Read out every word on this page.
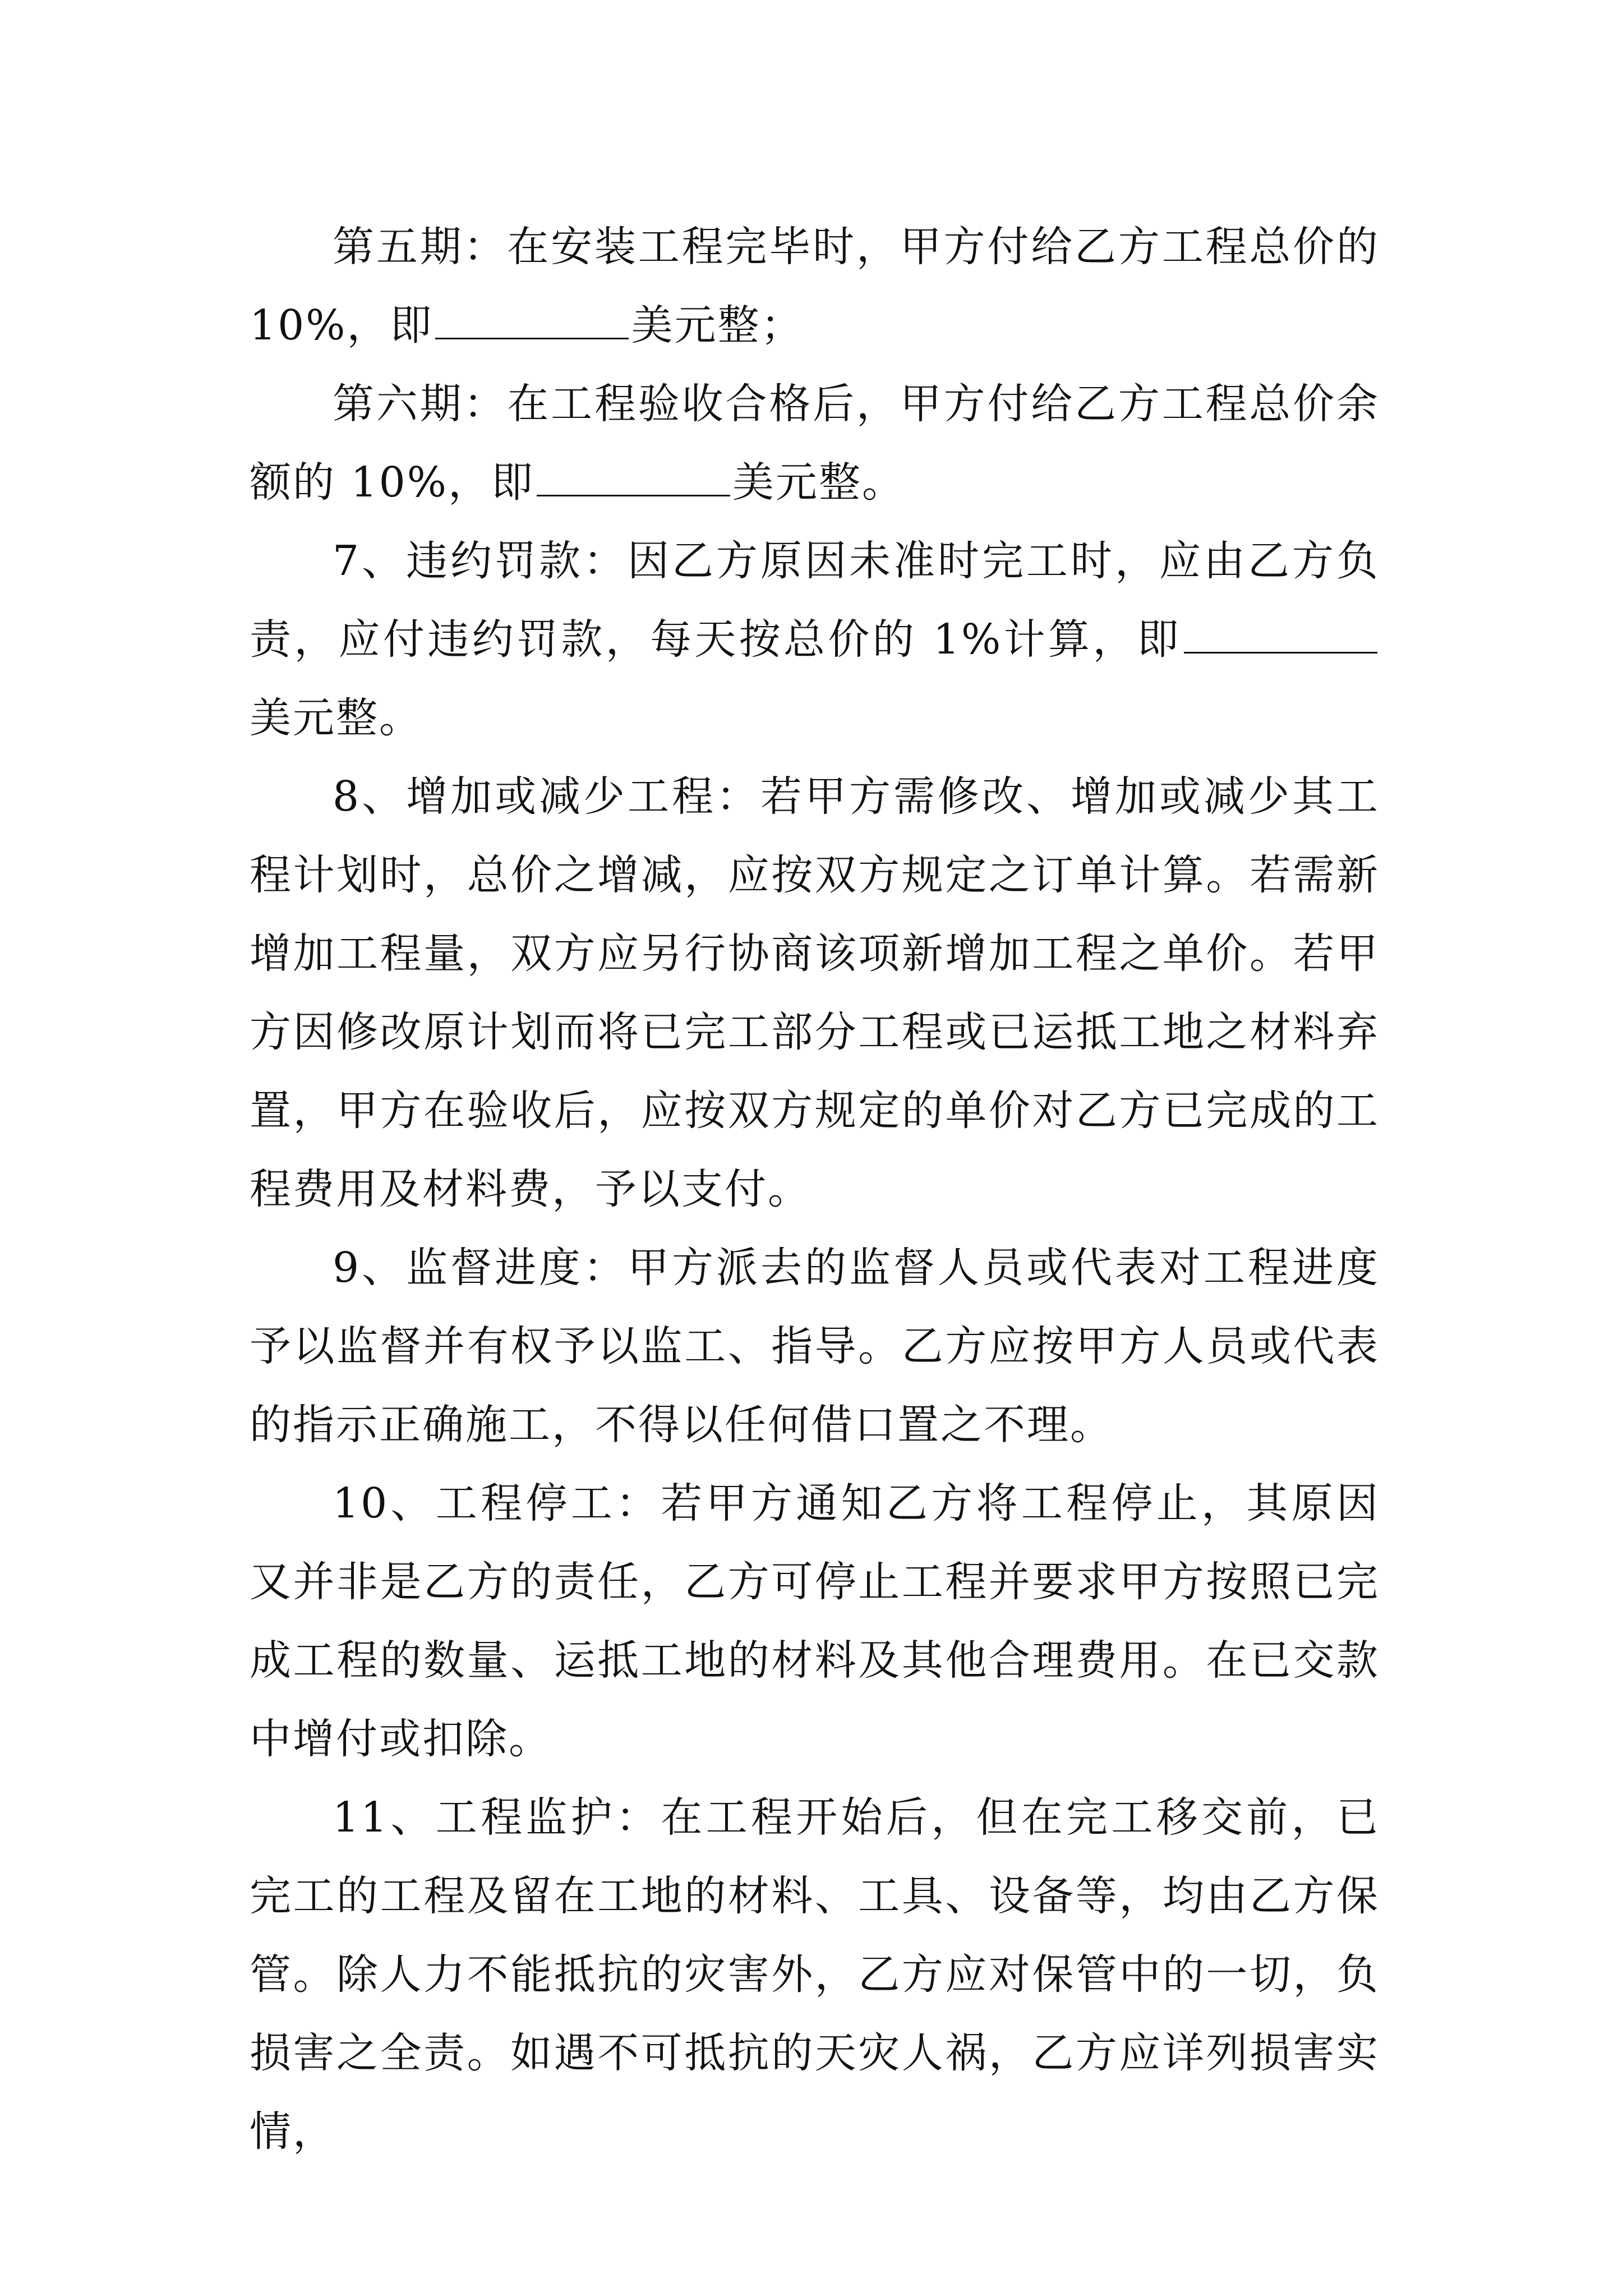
第五期：在安装工程完毕时，甲方付给乙方工程总价的10%，即	美元整；

第六期：在工程验收合格后，甲方付给乙方工程总价余额的 10%，即	美元整。

7、违约罚款：因乙方原因未准时完工时，应由乙方负责，应付违约罚款，每天按总价的 1%计算，即美元整。

8、增加或减少工程：若甲方需修改、增加或减少其工程计划时，总价之增减，应按双方规定之订单计算。若需新增加工程量，双方应另行协商该项新增加工程之单价。若甲方因修改原计划而将已完工部分工程或已运抵工地之材料弃置，甲方在验收后，应按双方规定的单价对乙方已完成的工程费用及材料费，予以支付。

9、监督进度：甲方派去的监督人员或代表对工程进度予以监督并有权予以监工、指导。乙方应按甲方人员或代表的指示正确施工，不得以任何借口置之不理。

10、工程停工：若甲方通知乙方将工程停止，其原因又并非是乙方的责任，乙方可停止工程并要求甲方按照已完成工程的数量、运抵工地的材料及其他合理费用。在已交款中增付或扣除。

11、工程监护：在工程开始后，但在完工移交前，已完工的工程及留在工地的材料、工具、设备等，均由乙方保管。除人力不能抵抗的灾害外，乙方应对保管中的一切，负损害之全责。如遇不可抵抗的天灾人祸，乙方应详列损害实情，
